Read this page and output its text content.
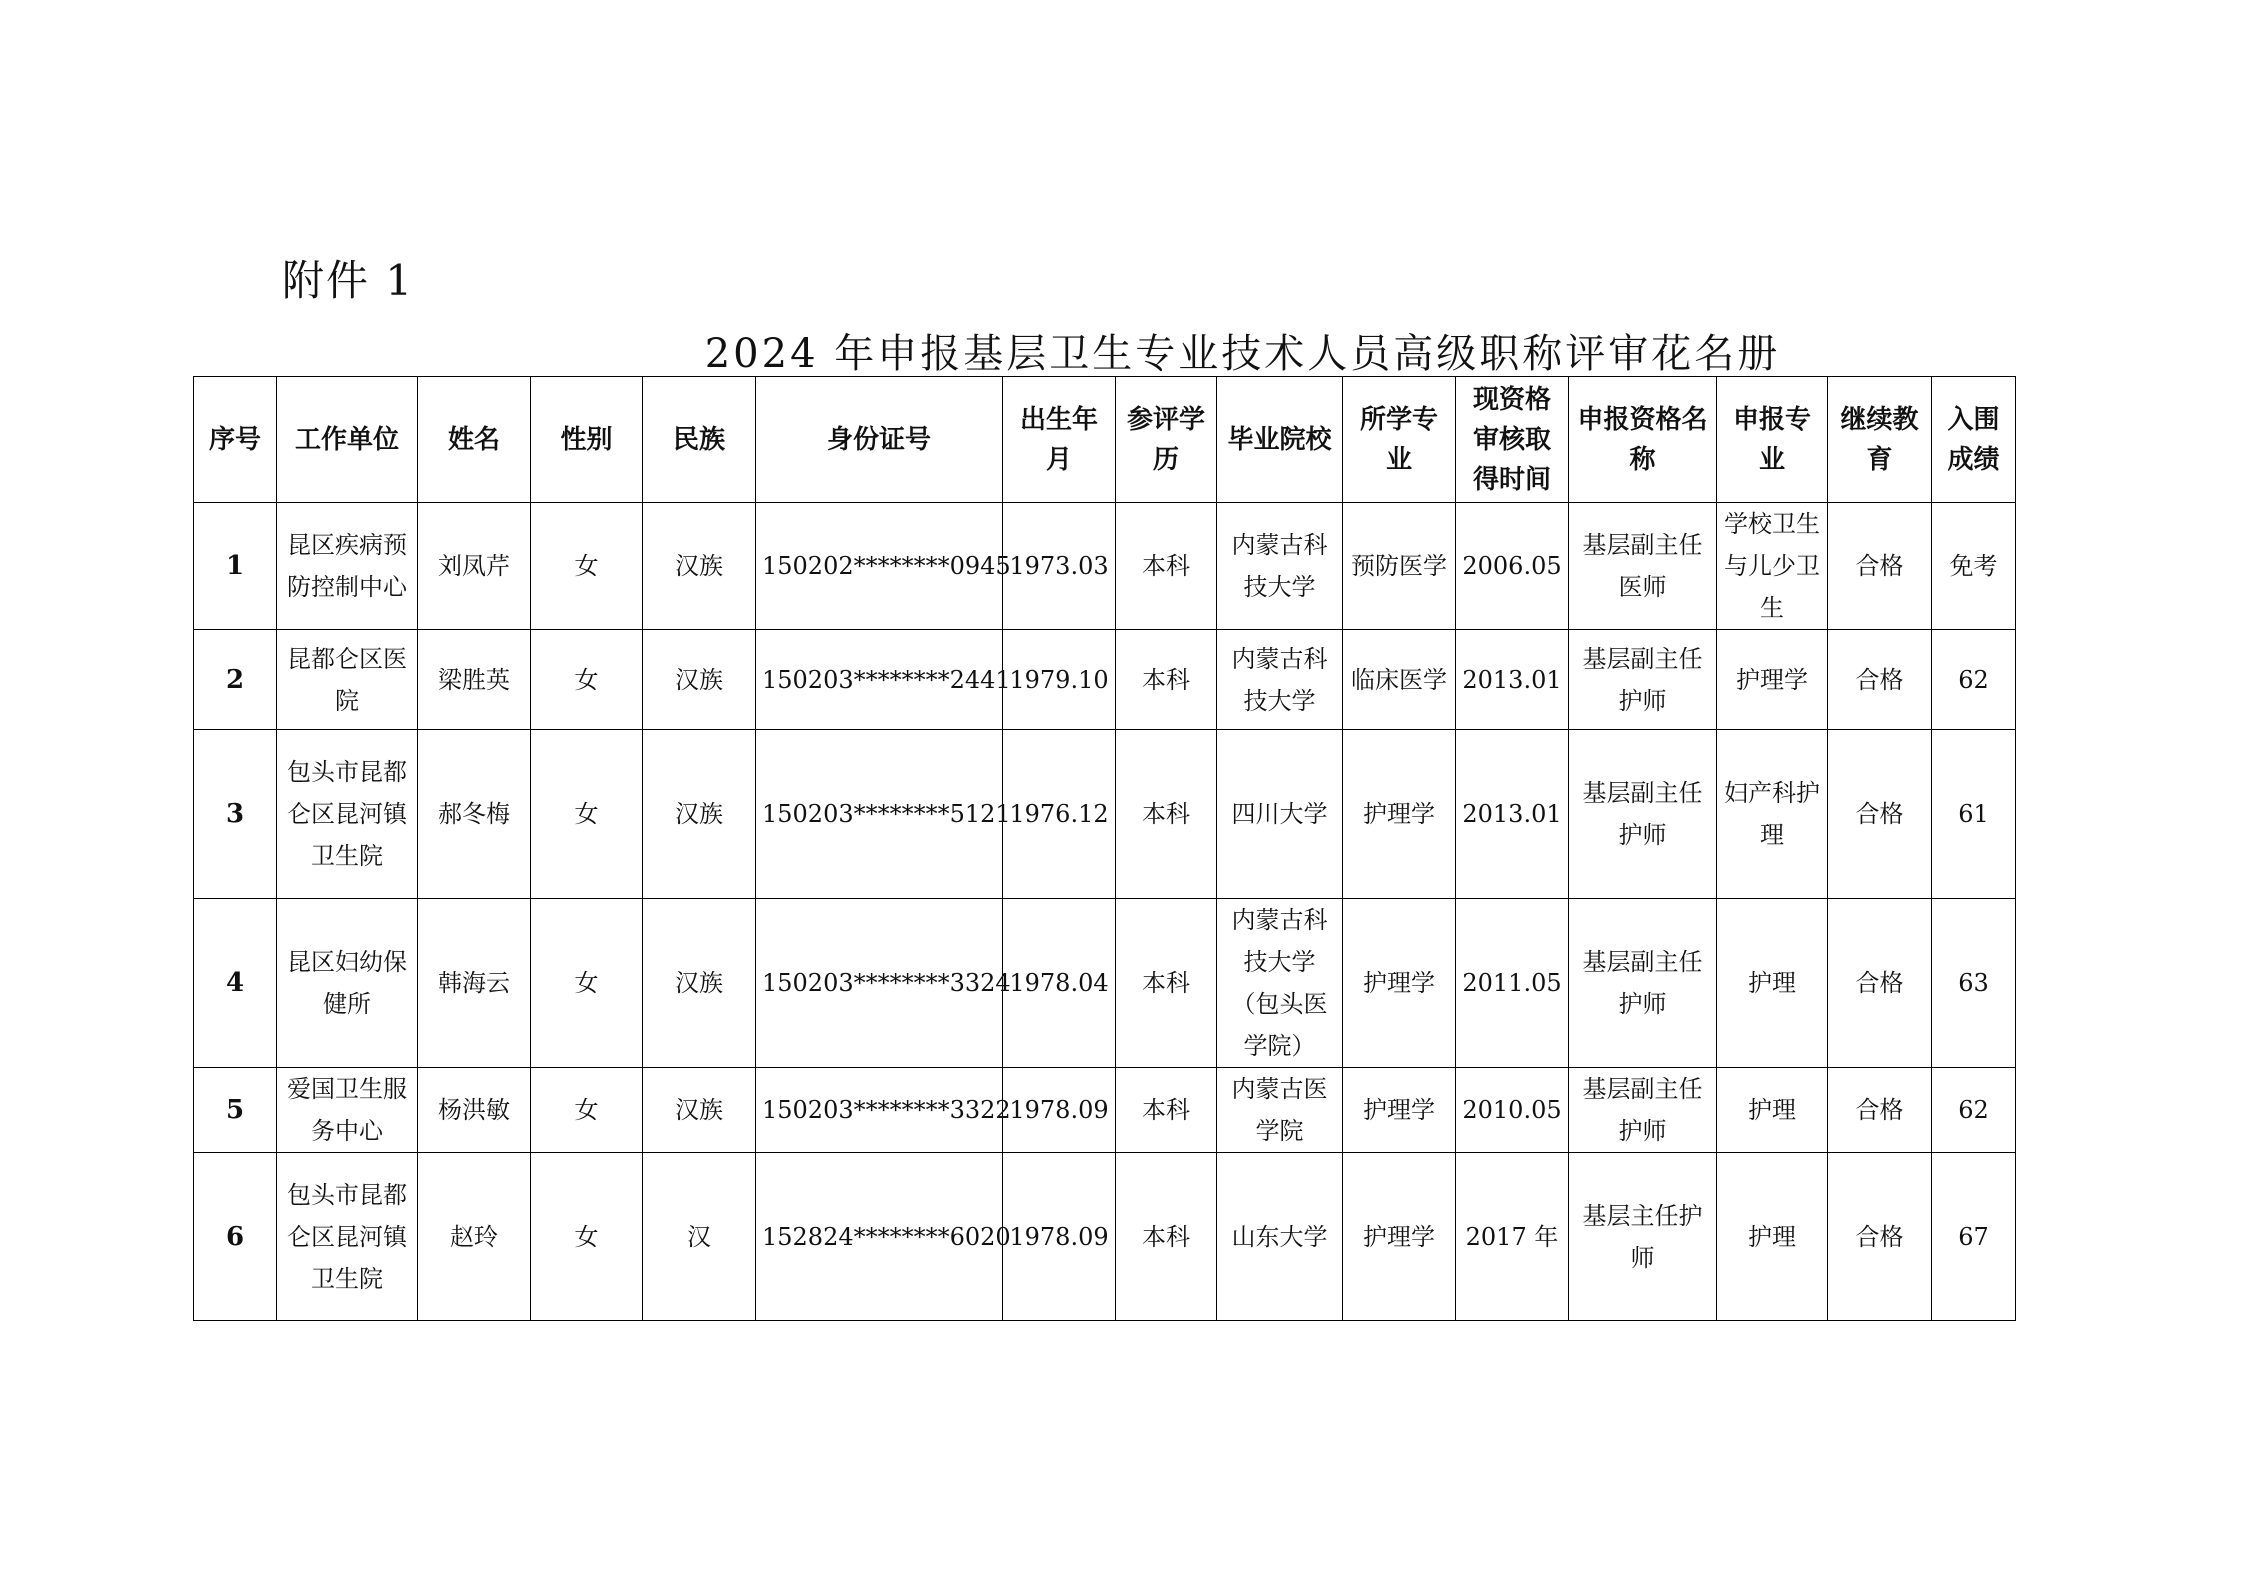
附件 1
2024 年申报基层卫生专业技术人员高级职称评审花名册
序号	工作单位	姓名	性别	民族	身份证号	出生年月	参评学历	毕业院校	所学专业	现资格审核取得时间	申报资格名称	申报专业	继续教育	入围成绩
1	昆区疾病预防控制中心	刘凤芹	女	汉族	150202********0945	1973.03	本科	内蒙古科技大学	预防医学	2006.05	基层副主任医师	学校卫生与儿少卫生	合格	免考
2	昆都仑区医院	梁胜英	女	汉族	150203********2441	1979.10	本科	内蒙古科技大学	临床医学	2013.01	基层副主任护师	护理学	合格	62
3	包头市昆都仑区昆河镇卫生院	郝冬梅	女	汉族	150203********5121	1976.12	本科	四川大学	护理学	2013.01	基层副主任护师	妇产科护理	合格	61
4	昆区妇幼保健所	韩海云	女	汉族	150203********3324	1978.04	本科	内蒙古科技大学（包头医学院）	护理学	2011.05	基层副主任护师	护理	合格	63
5	爱国卫生服务中心	杨洪敏	女	汉族	150203********3322	1978.09	本科	内蒙古医学院	护理学	2010.05	基层副主任护师	护理	合格	62
6	包头市昆都仑区昆河镇卫生院	赵玲	女	汉	152824********6020	1978.09	本科	山东大学	护理学	2017 年	基层主任护师	护理	合格	67
